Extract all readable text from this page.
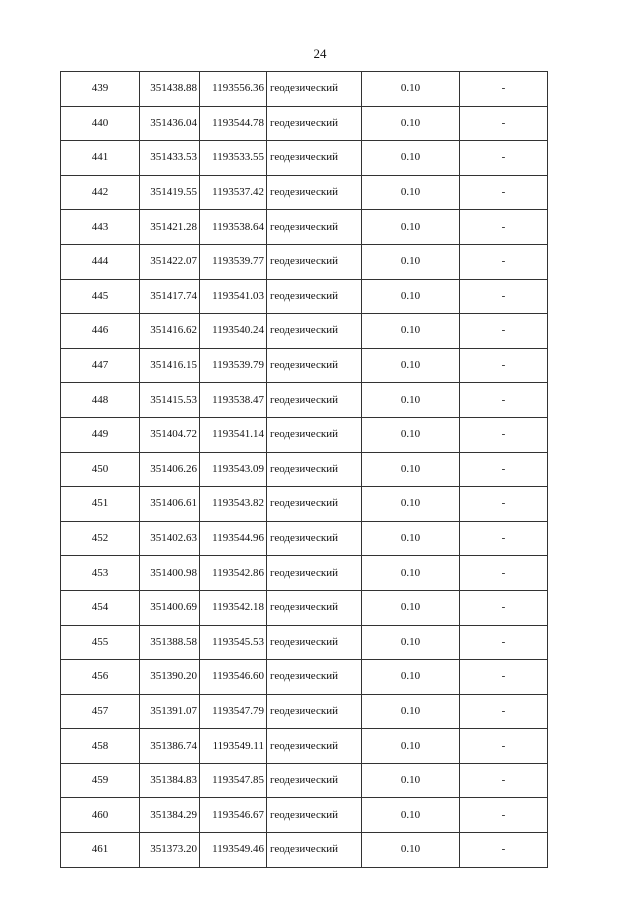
24
439	351438.88	1193556.36	геодезический	0.10	-
440	351436.04	1193544.78	геодезический	0.10	-
441	351433.53	1193533.55	геодезический	0.10	-
442	351419.55	1193537.42	геодезический	0.10	-
443	351421.28	1193538.64	геодезический	0.10	-
444	351422.07	1193539.77	геодезический	0.10	-
445	351417.74	1193541.03	геодезический	0.10	-
446	351416.62	1193540.24	геодезический	0.10	-
447	351416.15	1193539.79	геодезический	0.10	-
448	351415.53	1193538.47	геодезический	0.10	-
449	351404.72	1193541.14	геодезический	0.10	-
450	351406.26	1193543.09	геодезический	0.10	-
451	351406.61	1193543.82	геодезический	0.10	-
452	351402.63	1193544.96	геодезический	0.10	-
453	351400.98	1193542.86	геодезический	0.10	-
454	351400.69	1193542.18	геодезический	0.10	-
455	351388.58	1193545.53	геодезический	0.10	-
456	351390.20	1193546.60	геодезический	0.10	-
457	351391.07	1193547.79	геодезический	0.10	-
458	351386.74	1193549.11	геодезический	0.10	-
459	351384.83	1193547.85	геодезический	0.10	-
460	351384.29	1193546.67	геодезический	0.10	-
461	351373.20	1193549.46	геодезический	0.10	-
